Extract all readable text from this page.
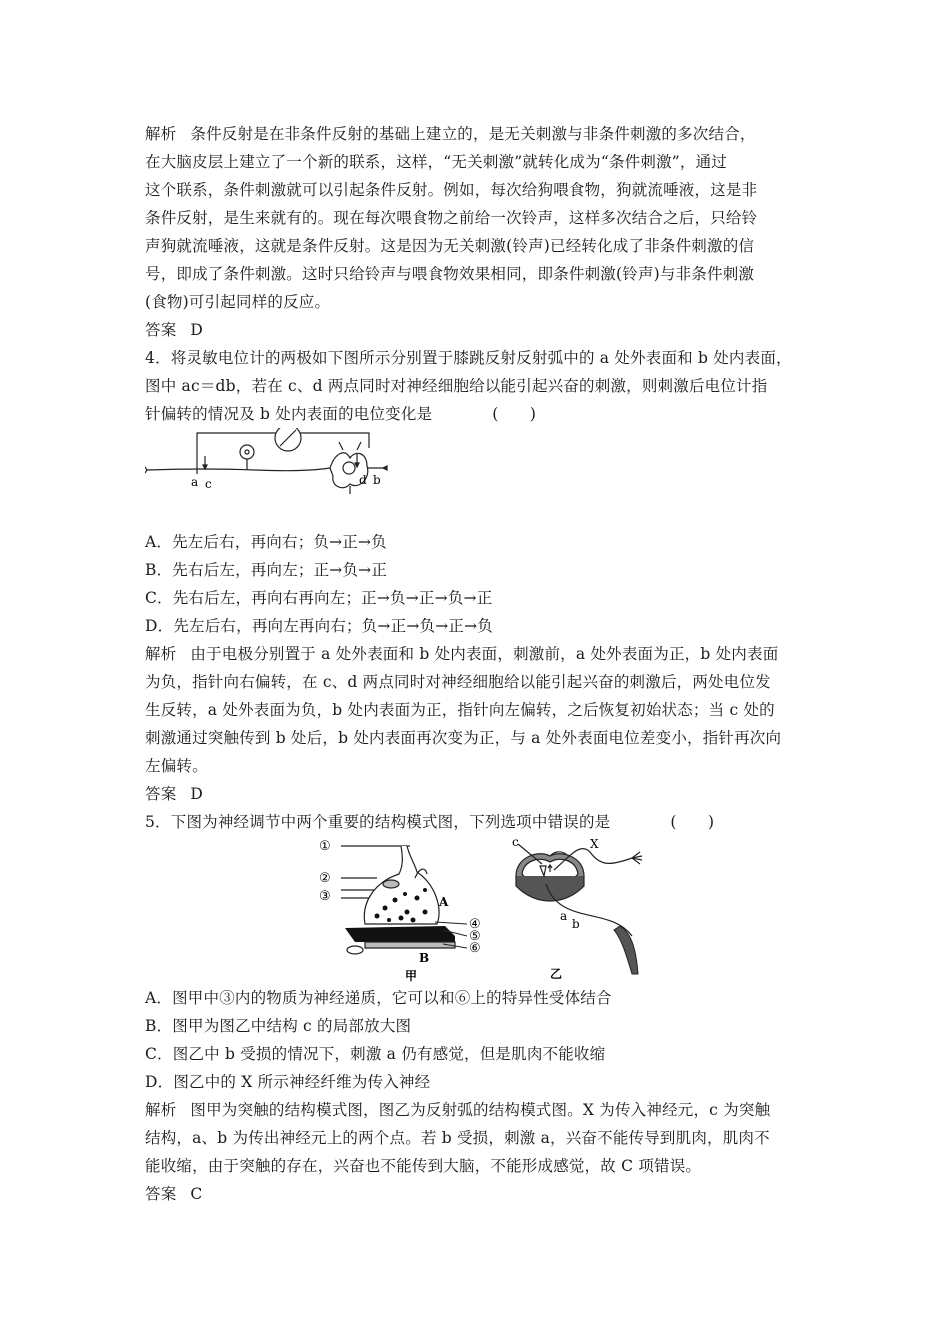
解析 条件反射是在非条件反射的基础上建立的，是无关刺激与非条件刺激的多次结合，
在大脑皮层上建立了一个新的联系，这样，“无关刺激”就转化成为“条件刺激”，通过
这个联系，条件刺激就可以引起条件反射。例如，每次给狗喂食物，狗就流唾液，这是非
条件反射，是生来就有的。现在每次喂食物之前给一次铃声，这样多次结合之后，只给铃
声狗就流唾液，这就是条件反射。这是因为无关刺激(铃声)已经转化成了非条件刺激的信
号，即成了条件刺激。这时只给铃声与喂食物效果相同，即条件刺激(铃声)与非条件刺激
(食物)可引起同样的反应。
答案 D
4．将灵敏电位计的两极如下图所示分别置于膝跳反射反射弧中的 a 处外表面和 b 处内表面，
图中 ac＝db，若在 c、d 两点同时对神经细胞给以能引起兴奋的刺激，则刺激后电位计指
针偏转的情况及 b 处内表面的电位变化是	(　　)
a c	d b
A．先左后右，再向右；负→正→负
B．先右后左，再向左；正→负→正
C．先右后左，再向右再向左；正→负→正→负→正
D．先左后右，再向左再向右；负→正→负→正→负
解析 由于电极分别置于 a 处外表面和 b 处内表面，刺激前，a 处外表面为正，b 处内表面
为负，指针向右偏转，在 c、d 两点同时对神经细胞给以能引起兴奋的刺激后，两处电位发
生反转，a 处外表面为负，b 处内表面为正，指针向左偏转，之后恢复初始状态；当 c 处的
刺激通过突触传到 b 处后，b 处内表面再次变为正，与 a 处外表面电位差变小，指针再次向
左偏转。
答案 D
5．下图为神经调节中两个重要的结构模式图，下列选项中错误的是	(　　)
A
B
①
②
③
④
⑤
⑥
甲
c	X
a
b
乙
A．图甲中③内的物质为神经递质，它可以和⑥上的特异性受体结合
B．图甲为图乙中结构 c 的局部放大图
C．图乙中 b 受损的情况下，刺激 a 仍有感觉，但是肌肉不能收缩
D．图乙中的 X 所示神经纤维为传入神经
解析 图甲为突触的结构模式图，图乙为反射弧的结构模式图。X 为传入神经元，c 为突触
结构，a、b 为传出神经元上的两个点。若 b 受损，刺激 a，兴奋不能传导到肌肉，肌肉不
能收缩，由于突触的存在，兴奋也不能传到大脑，不能形成感觉，故 C 项错误。
答案 C
